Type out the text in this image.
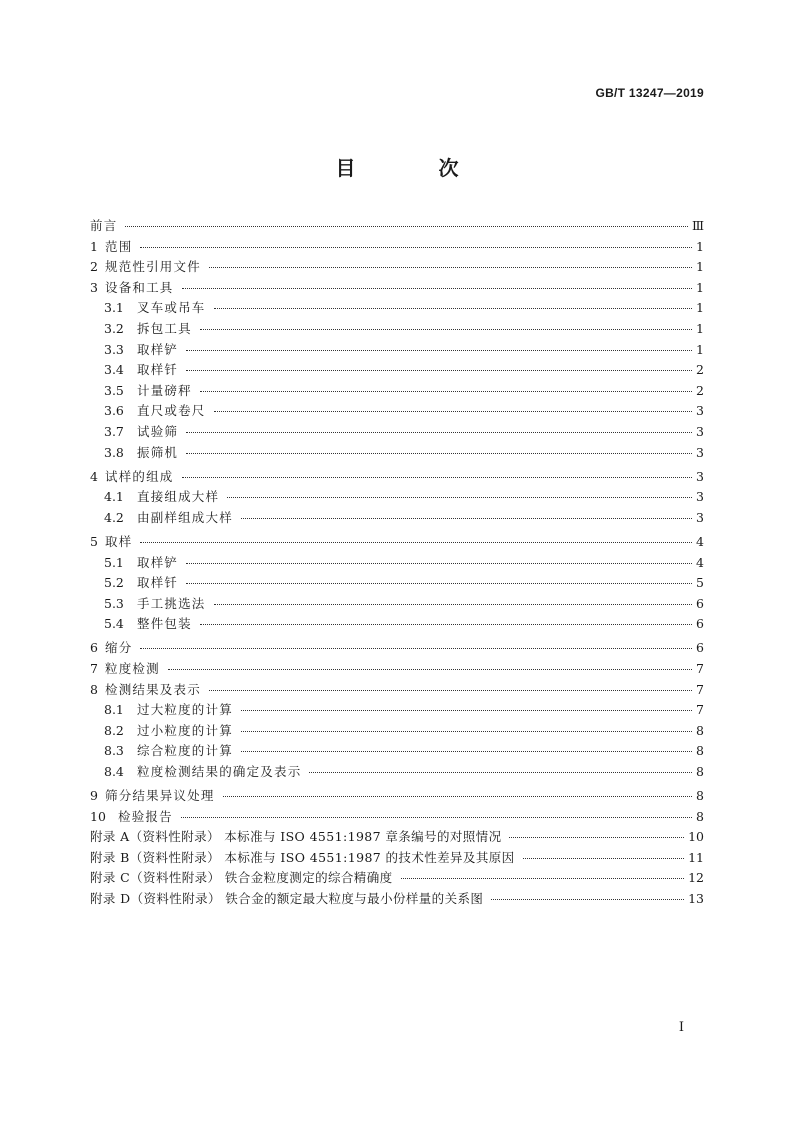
GB/T 13247—2019
目 次
前言	Ⅲ
1 范围	1
2 规范性引用文件	1
3 设备和工具	1
3.1	叉车或吊车	1
3.2	拆包工具	1
3.3	取样铲	1
3.4	取样钎	2
3.5	计量磅秤	2
3.6	直尺或卷尺	3
3.7	试验筛	3
3.8	振筛机	3
4 试样的组成	3
4.1	直接组成大样	3
4.2	由副样组成大样	3
5 取样	4
5.1	取样铲	4
5.2	取样钎	5
5.3	手工挑选法	6
5.4	整件包装	6
6 缩分	6
7 粒度检测	7
8 检测结果及表示	7
8.1	过大粒度的计算	7
8.2	过小粒度的计算	8
8.3	综合粒度的计算	8
8.4	粒度检测结果的确定及表示	8
9 筛分结果异议处理	8
10 检验报告	8
附录 A（资料性附录） 本标准与 ISO 4551:1987 章条编号的对照情况	10
附录 B（资料性附录） 本标准与 ISO 4551:1987 的技术性差异及其原因	11
附录 C（资料性附录） 铁合金粒度测定的综合精确度	12
附录 D（资料性附录） 铁合金的额定最大粒度与最小份样量的关系图	13
I
